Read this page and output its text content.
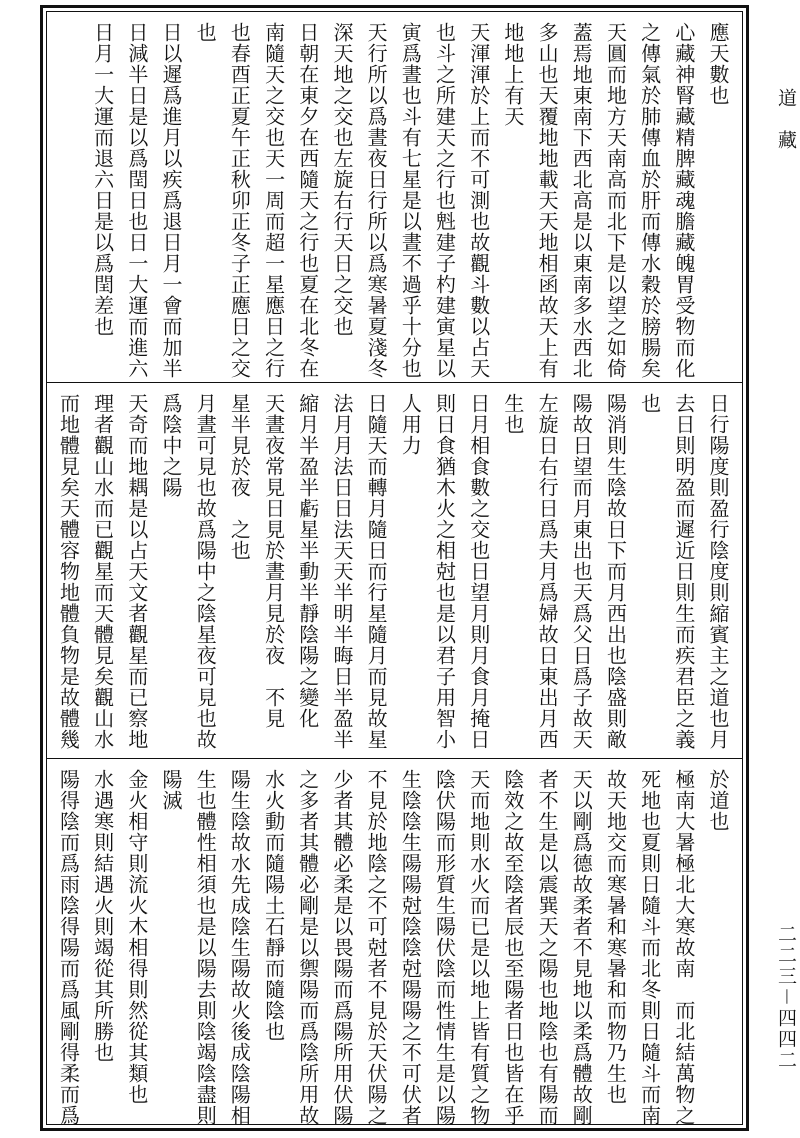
應天數也
心藏神腎藏精脾藏魂膽藏魄胃受物而化
之傳氣於肺傳血於肝而傳水穀於膀腸矣
天圓而地方天南高而北下是以望之如倚
蓋焉地東南下西北高是以東南多水西北
多山也天覆地地載天天地相函故天上有
地地上有天
天渾渾於上而不可測也故觀斗數以占天
也斗之所建天之行也𣁽建子杓建寅星以
寅爲晝也斗有七星是以晝不過乎十分也
天行所以爲晝夜日行所以爲寒暑夏淺冬
深天地之交也左旋右行天日之交也
日朝在東夕在西隨天之行也夏在北冬在
南隨天之交也天一周而超一星應日之行
也春酉正夏午正秋卯正冬子正應日之交
也
日以遲爲進月以疾爲退日月一會而加半
日減半日是以爲閏日也日一大運而進六
日月一大運而退六日是以爲閏差也
日行陽度則盈行陰度則縮賓主之道也月
去日則明盈而遲近日則生而疾君臣之義
也
陽消則生陰故日下而月西出也陰盛則敵
陽故日望而月東出也天爲父日爲子故天
左旋日右行日爲夫月爲婦故日東出月西
生也
日月相食數之交也日望月則月食月掩日
則日食猶木火之相尅也是以君子用智小
人用力
日隨天而轉月隨日而行星隨月而見故星
法月月法日日法天天半明半晦日半盈半
縮月半盈半虧星半動半靜陰陽之變化
天晝夜常見日見於晝月見於夜　不見
星半見於夜　之也
月晝可見也故爲陽中之陰星夜可見也故
爲陰中之陽
天奇而地耦是以占天文者觀星而已察地
理者觀山水而已觀星而天體見矣觀山水
而地體見矣天體容物地體負物是故體幾
於道也
極南大暑極北大寒故南　而北結萬物之
死地也夏則日隨斗而北冬則日隨斗而南
故天地交而寒暑和寒暑和而物乃生也
天以剛爲德故柔者不見地以柔爲體故剛
者不生是以震巽天之陽也地陰也有陽而
陰效之故至陰者辰也至陽者日也皆在乎
天而地則水火而已是以地上皆有質之物
陰伏陽而形質生陽伏陰而性情生是以陽
生陰陰生陽陽尅陰陰尅陽陽之不可伏者
不見於地陰之不可尅者不見於天伏陽之
少者其體必柔是以畏陽而爲陽所用伏陽
之多者其體必剛是以禦陽而爲陰所用故
水火動而隨陽土石靜而隨陰也
陽生陰故水先成陰生陽故火後成陰陽相
生也體性相須也是以陽去則陰竭陰盡則
陽滅
金火相守則流火木相得則然從其類也
水遇寒則結遇火則竭從其所勝也
陽得陰而爲雨陰得陽而爲風剛得柔而爲
道　藏
二二三－四四二
